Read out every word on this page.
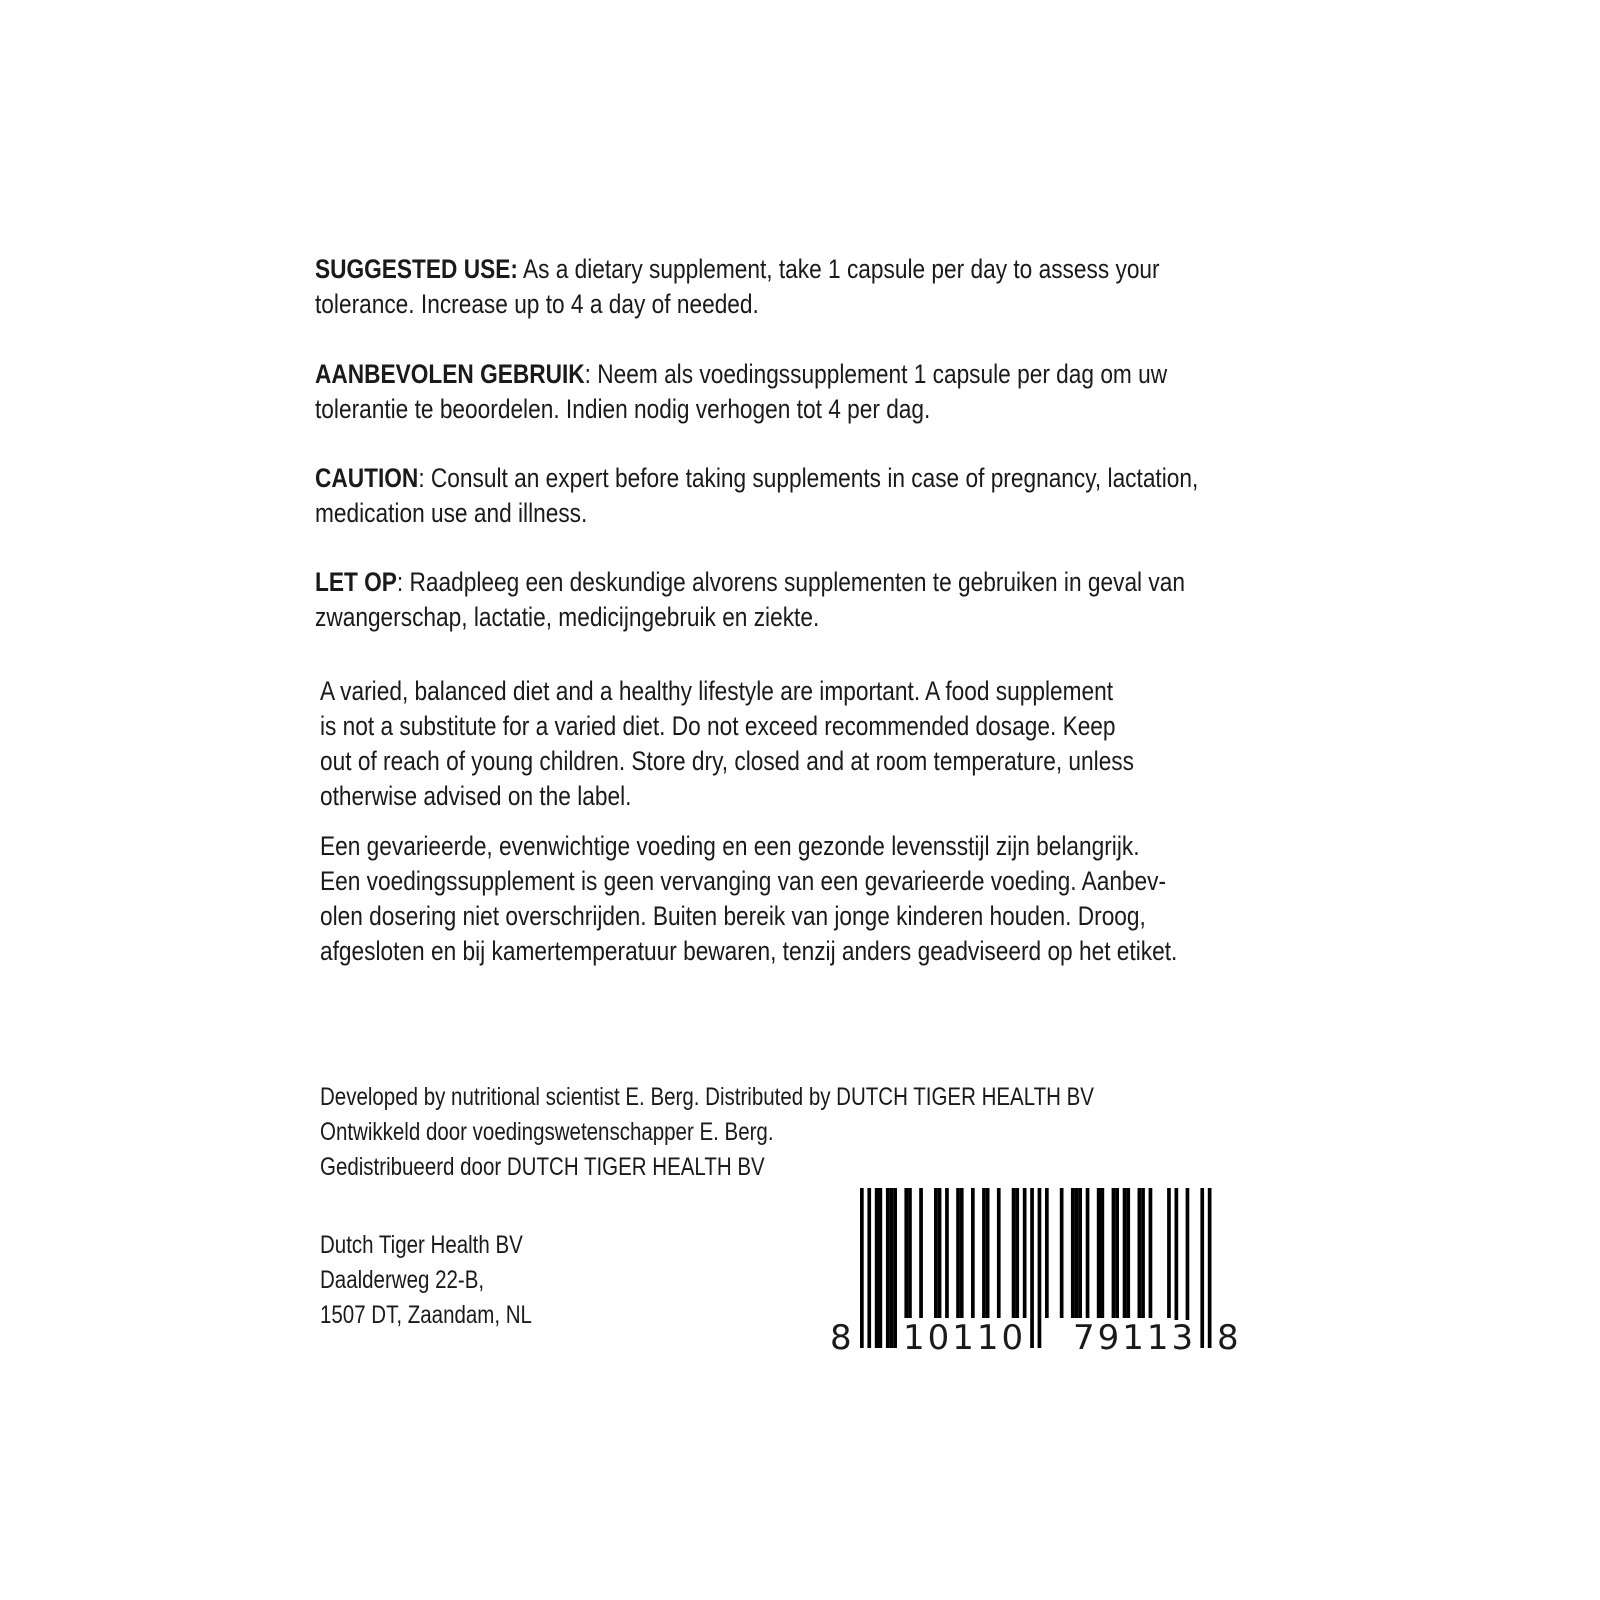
SUGGESTED USE: As a dietary supplement, take 1 capsule per day to assess your
tolerance. Increase up to 4 a day of needed.
AANBEVOLEN GEBRUIK: Neem als voedingssupplement 1 capsule per dag om uw
tolerantie te beoordelen. Indien nodig verhogen tot 4 per dag.
CAUTION: Consult an expert before taking supplements in case of pregnancy, lactation,
medication use and illness.
LET OP: Raadpleeg een deskundige alvorens supplementen te gebruiken in geval van
zwangerschap, lactatie, medicijngebruik en ziekte.
A varied, balanced diet and a healthy lifestyle are important. A food supplement
is not a substitute for a varied diet. Do not exceed recommended dosage. Keep
out of reach of young children. Store dry, closed and at room temperature, unless
otherwise advised on the label.
Een gevarieerde, evenwichtige voeding en een gezonde levensstijl zijn belangrijk.
Een voedingssupplement is geen vervanging van een gevarieerde voeding. Aanbev-
olen dosering niet overschrijden. Buiten bereik van jonge kinderen houden. Droog,
afgesloten en bij kamertemperatuur bewaren, tenzij anders geadviseerd op het etiket.
Developed by nutritional scientist E. Berg. Distributed by DUTCH TIGER HEALTH BV
Ontwikkeld door voedingswetenschapper E. Berg.
Gedistribueerd door DUTCH TIGER HEALTH BV
Dutch Tiger Health BV
Daalderweg 22-B,
1507 DT, Zaandam, NL
8 10110 79113 8
